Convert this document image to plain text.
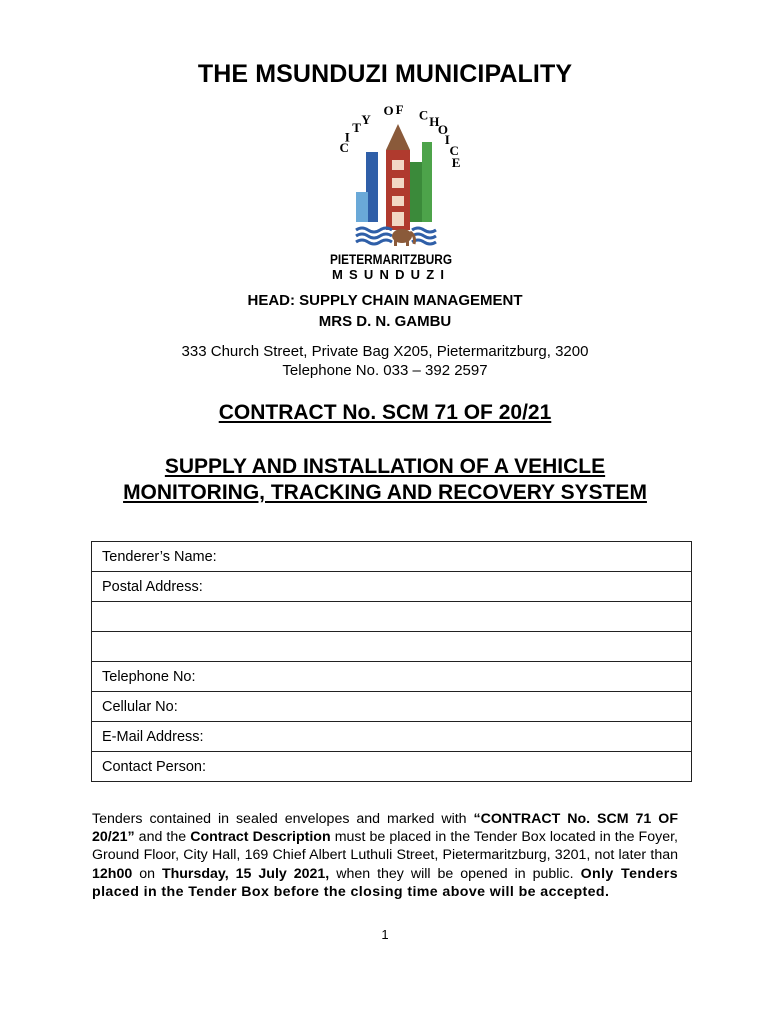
THE MSUNDUZI MUNICIPALITY
CITY O F CH O IC E
PIETERMARITZBURG
MSUNDUZI
HEAD: SUPPLY CHAIN MANAGEMENT
MRS D. N. GAMBU
333 Church Street, Private Bag X205, Pietermaritzburg, 3200
Telephone No. 033 – 392 2597
CONTRACT No. SCM 71 OF 20/21
SUPPLY AND INSTALLATION OF A VEHICLE
MONITORING, TRACKING AND RECOVERY SYSTEM
Tenderer’s Name:
Postal Address:

Telephone No:
Cellular No:
E-Mail Address:
Contact Person:
Tenders contained in sealed envelopes and marked with “CONTRACT No. SCM 71 OF 20/21” and the Contract Description must be placed in the Tender Box located in the Foyer, Ground Floor, City Hall, 169 Chief Albert Luthuli Street, Pietermaritzburg, 3201, not later than 12h00 on Thursday, 15 July 2021, when they will be opened in public. Only Tenders placed in the Tender Box before the closing time above will be accepted.
1
